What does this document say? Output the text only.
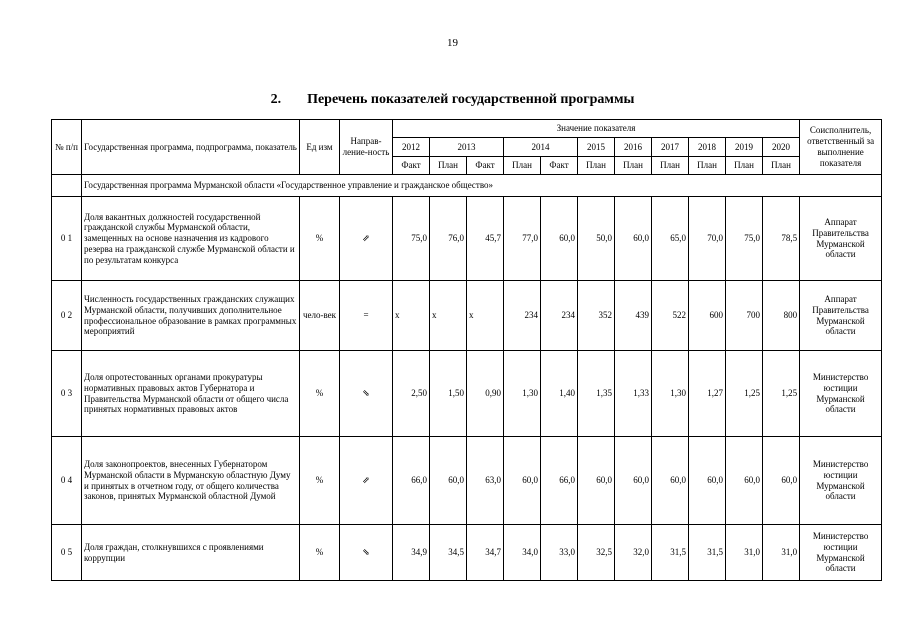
19
2. Перечень показателей государственной программы
№ п/п	Государственная программа, подпрограмма, показатель	Ед изм	Направ-ление-ность	Значение показателя											Соисполнитель, ответственный за выполнение показателя
				2012	2013		2014		2015	2016	2017	2018	2019	2020	
				Факт	План	Факт	План	Факт	План	План	План	План	План	План	
	Государственная программа Мурманской области «Государственное управление и гражданское общество»														
0 1	Доля вакантных должностей государственной гражданской службы Мурманской области, замещенных на основе назначения из кадрового резерва на гражданской службе Мурманской области и по результатам конкурса	%	⇗	75,0	76,0	45,7	77,0	60,0	50,0	60,0	65,0	70,0	75,0	78,5	Аппарат Правительства Мурманской области
0 2	Численность государственных гражданских служащих Мурманской области, получивших дополнительное профессиональное образование в рамках программных мероприятий	чело-век	=	x	x	x	234	234	352	439	522	600	700	800	Аппарат Правительства Мурманской области
0 3	Доля опротестованных органами прокуратуры нормативных правовых актов Губернатора и Правительства Мурманской области от общего числа принятых нормативных правовых актов	%	⇘	2,50	1,50	0,90	1,30	1,40	1,35	1,33	1,30	1,27	1,25	1,25	Министерство юстиции Мурманской области
0 4	Доля законопроектов, внесенных Губернатором Мурманской области в Мурманскую областную Думу и принятых в отчетном году, от общего количества законов, принятых Мурманской областной Думой	%	⇗	66,0	60,0	63,0	60,0	66,0	60,0	60,0	60,0	60,0	60,0	60,0	Министерство юстиции Мурманской области
0 5	Доля граждан, столкнувшихся с проявлениями коррупции	%	⇘	34,9	34,5	34,7	34,0	33,0	32,5	32,0	31,5	31,5	31,0	31,0	Министерство юстиции Мурманской области
